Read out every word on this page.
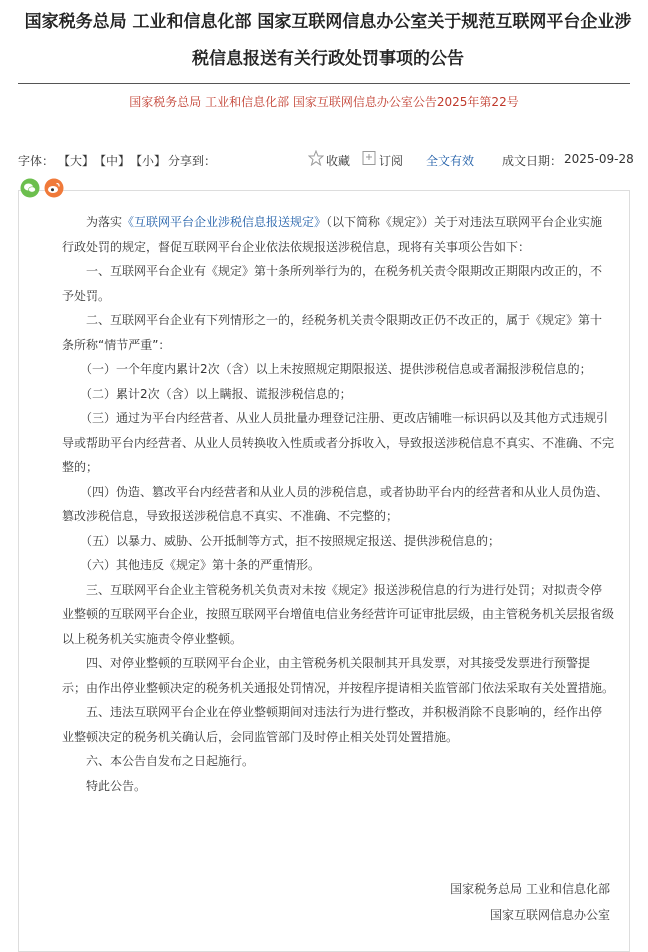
国家税务总局 工业和信息化部 国家互联网信息办公室关于规范互联网平台企业涉税信息报送有关行政处罚事项的公告
国家税务总局 工业和信息化部 国家互联网信息办公室公告2025年第22号
字体： 【大】 【中】 【小】 分享到：	收藏 订阅 全文有效 成文日期： 2025-09-28

　　为落实《互联网平台企业涉税信息报送规定》（以下简称《规定》）关于对违法互联网平台企业实施行政处罚的规定，督促互联网平台企业依法依规报送涉税信息，现将有关事项公告如下：

　　一、互联网平台企业有《规定》第十条所列举行为的，在税务机关责令限期改正期限内改正的，不予处罚。

　　二、互联网平台企业有下列情形之一的，经税务机关责令限期改正仍不改正的，属于《规定》第十条所称“情节严重”：

　　（一）一个年度内累计2次（含）以上未按照规定期限报送、提供涉税信息或者漏报涉税信息的；

　　（二）累计2次（含）以上瞒报、谎报涉税信息的；

　　（三）通过为平台内经营者、从业人员批量办理登记注册、更改店铺唯一标识码以及其他方式违规引导或帮助平台内经营者、从业人员转换收入性质或者分拆收入，导致报送涉税信息不真实、不准确、不完整的；

　　（四）伪造、篡改平台内经营者和从业人员的涉税信息，或者协助平台内的经营者和从业人员伪造、篡改涉税信息，导致报送涉税信息不真实、不准确、不完整的；

　　（五）以暴力、威胁、公开抵制等方式，拒不按照规定报送、提供涉税信息的；

　　（六）其他违反《规定》第十条的严重情形。

　　三、互联网平台企业主管税务机关负责对未按《规定》报送涉税信息的行为进行处罚；对拟责令停业整顿的互联网平台企业，按照互联网平台增值电信业务经营许可证审批层级，由主管税务机关层报省级以上税务机关实施责令停业整顿。

　　四、对停业整顿的互联网平台企业，由主管税务机关限制其开具发票，对其接受发票进行预警提示；由作出停业整顿决定的税务机关通报处罚情况，并按程序提请相关监管部门依法采取有关处置措施。

　　五、违法互联网平台企业在停业整顿期间对违法行为进行整改，并积极消除不良影响的，经作出停业整顿决定的税务机关确认后，会同监管部门及时停止相关处罚处置措施。

　　六、本公告自发布之日起施行。

　　特此公告。

国家税务总局 工业和信息化部
国家互联网信息办公室
